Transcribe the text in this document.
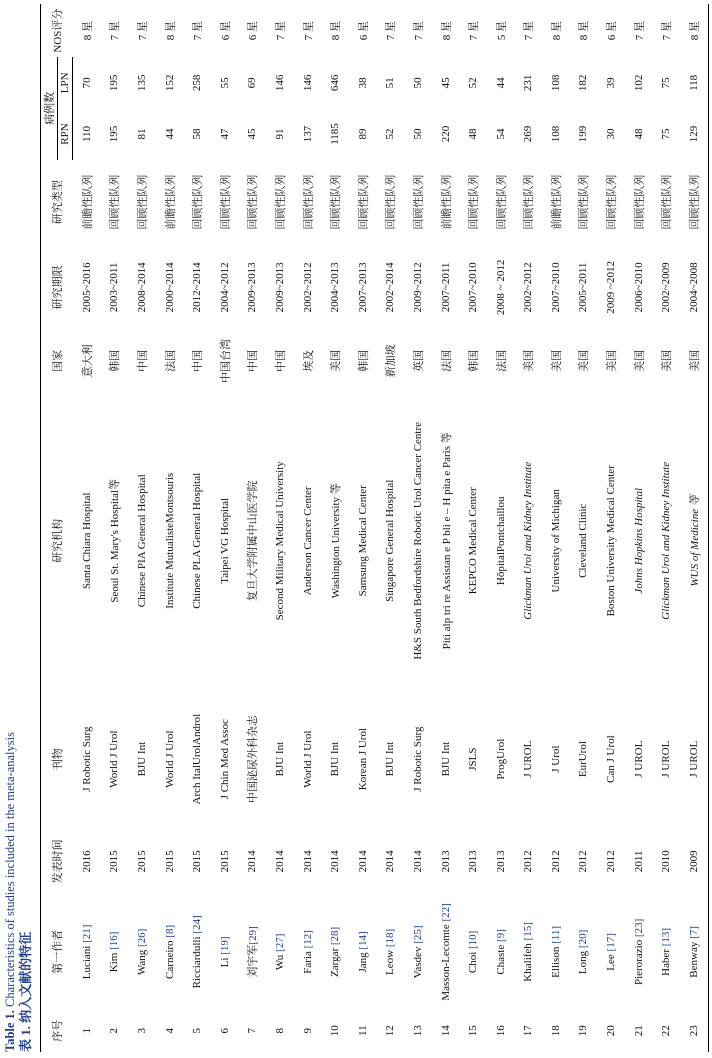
Table 1. Characteristics of studies included in the meta-analysis
表 1. 纳入文献的特征
序号	第一作者	发表时间	刊物	研究机构	国家	研究期限	研究类型	病例数		NOS评分
								RPN	LPN	
1	Luciani [21]	2016	J Robotic Surg	Santa Chiara Hospital	意大利	2005~2016	前瞻性队列	110	70	8 星
2	Kim [16]	2015	World J Urol	Seoul St. Mary's Hospital等	韩国	2003~2011	回顾性队列	195	195	7 星
3	Wang [26]	2015	BJU Int	Chinese PIA General Hospital	中国	2008~2014	回顾性队列	81	135	7 星
4	Carneiro [8]	2015	World J Urol	Institute MutualisteMontsouris	法国	2000~2014	前瞻性队列	44	152	8 星
5	Ricciardulli [24]	2015	Arch ItalUrolAndrol	Chinese PLA General Hospital	中国	2012~2014	回顾性队列	58	258	7 星
6	Li [19]	2015	J Chin Med Assoc	Taipei VG Hospital	中国台湾	2004~2012	回顾性队列	47	55	6 星
7	刘宇军[29]	2014	中国泌尿外科杂志	复旦大学附属中山医学院	中国	2009~2013	回顾性队列	45	69	6 星
8	Wu [27]	2014	BJU Int	Second Military Medical University	中国	2009~2013	回顾性队列	91	146	7 星
9	Faria [12]	2014	World J Urol	Anderson Cancer Center	埃及	2002~2012	回顾性队列	137	146	7 星
10	Zargar [28]	2014	BJU Int	Washington University 等	美国	2004~2013	回顾性队列	1185	646	8 星
11	Jang [14]	2014	Korean J Urol	Samsung Medical Center	韩国	2007~2013	回顾性队列	89	38	6 星
12	Leow [18]	2014	BJU Int	Singapore General Hospital	新加坡	2002~2014	回顾性队列	52	51	7 星
13	Vasdev [25]	2014	J Robotic Surg	H&S South Bedfordshire Robotic Urol Cancer Centre	英国	2009~2012	回顾性队列	50	50	7 星
14	Masson-Lecomte [22]	2013	BJU Int	Piti alp tri re Assistan e P bli e – H pita e Paris 等	法国	2007~2011	前瞻性队列	220	45	8 星
15	Choi [10]	2013	JSLS	KEPCO Medical Center	韩国	2007~2010	回顾性队列	48	52	7 星
16	Chaste [9]	2013	ProgUrol	HôpitalPontchaillou	法国	2008 ~ 2012	回顾性队列	54	44	5 星
17	Khalifeh [15]	2012	J UROL	Glickman Urol and Kidney Institute	美国	2002~2012	回顾性队列	269	231	7 星
18	Ellison [11]	2012	J Urol	University of Michigan	美国	2007~2010	前瞻性队列	108	108	8 星
19	Long [20]	2012	EurUrol	Cleveland Clinic	美国	2005~2011	回顾性队列	199	182	8 星
20	Lee [17]	2012	Can J Urol	Boston University Medical Center	美国	2009 ~2012	回顾性队列	30	39	6 星
21	Pierorazio [23]	2011	J UROL	Johns Hopkins Hospital	美国	2006~2010	回顾性队列	48	102	7 星
22	Haber [13]	2010	J UROL	Glickman Urol and Kidney Institute	美国	2002~2009	回顾性队列	75	75	7 星
23	Benway [7]	2009	J UROL	WUS of Medicine 等	美国	2004~2008	回顾性队列	129	118	8 星
